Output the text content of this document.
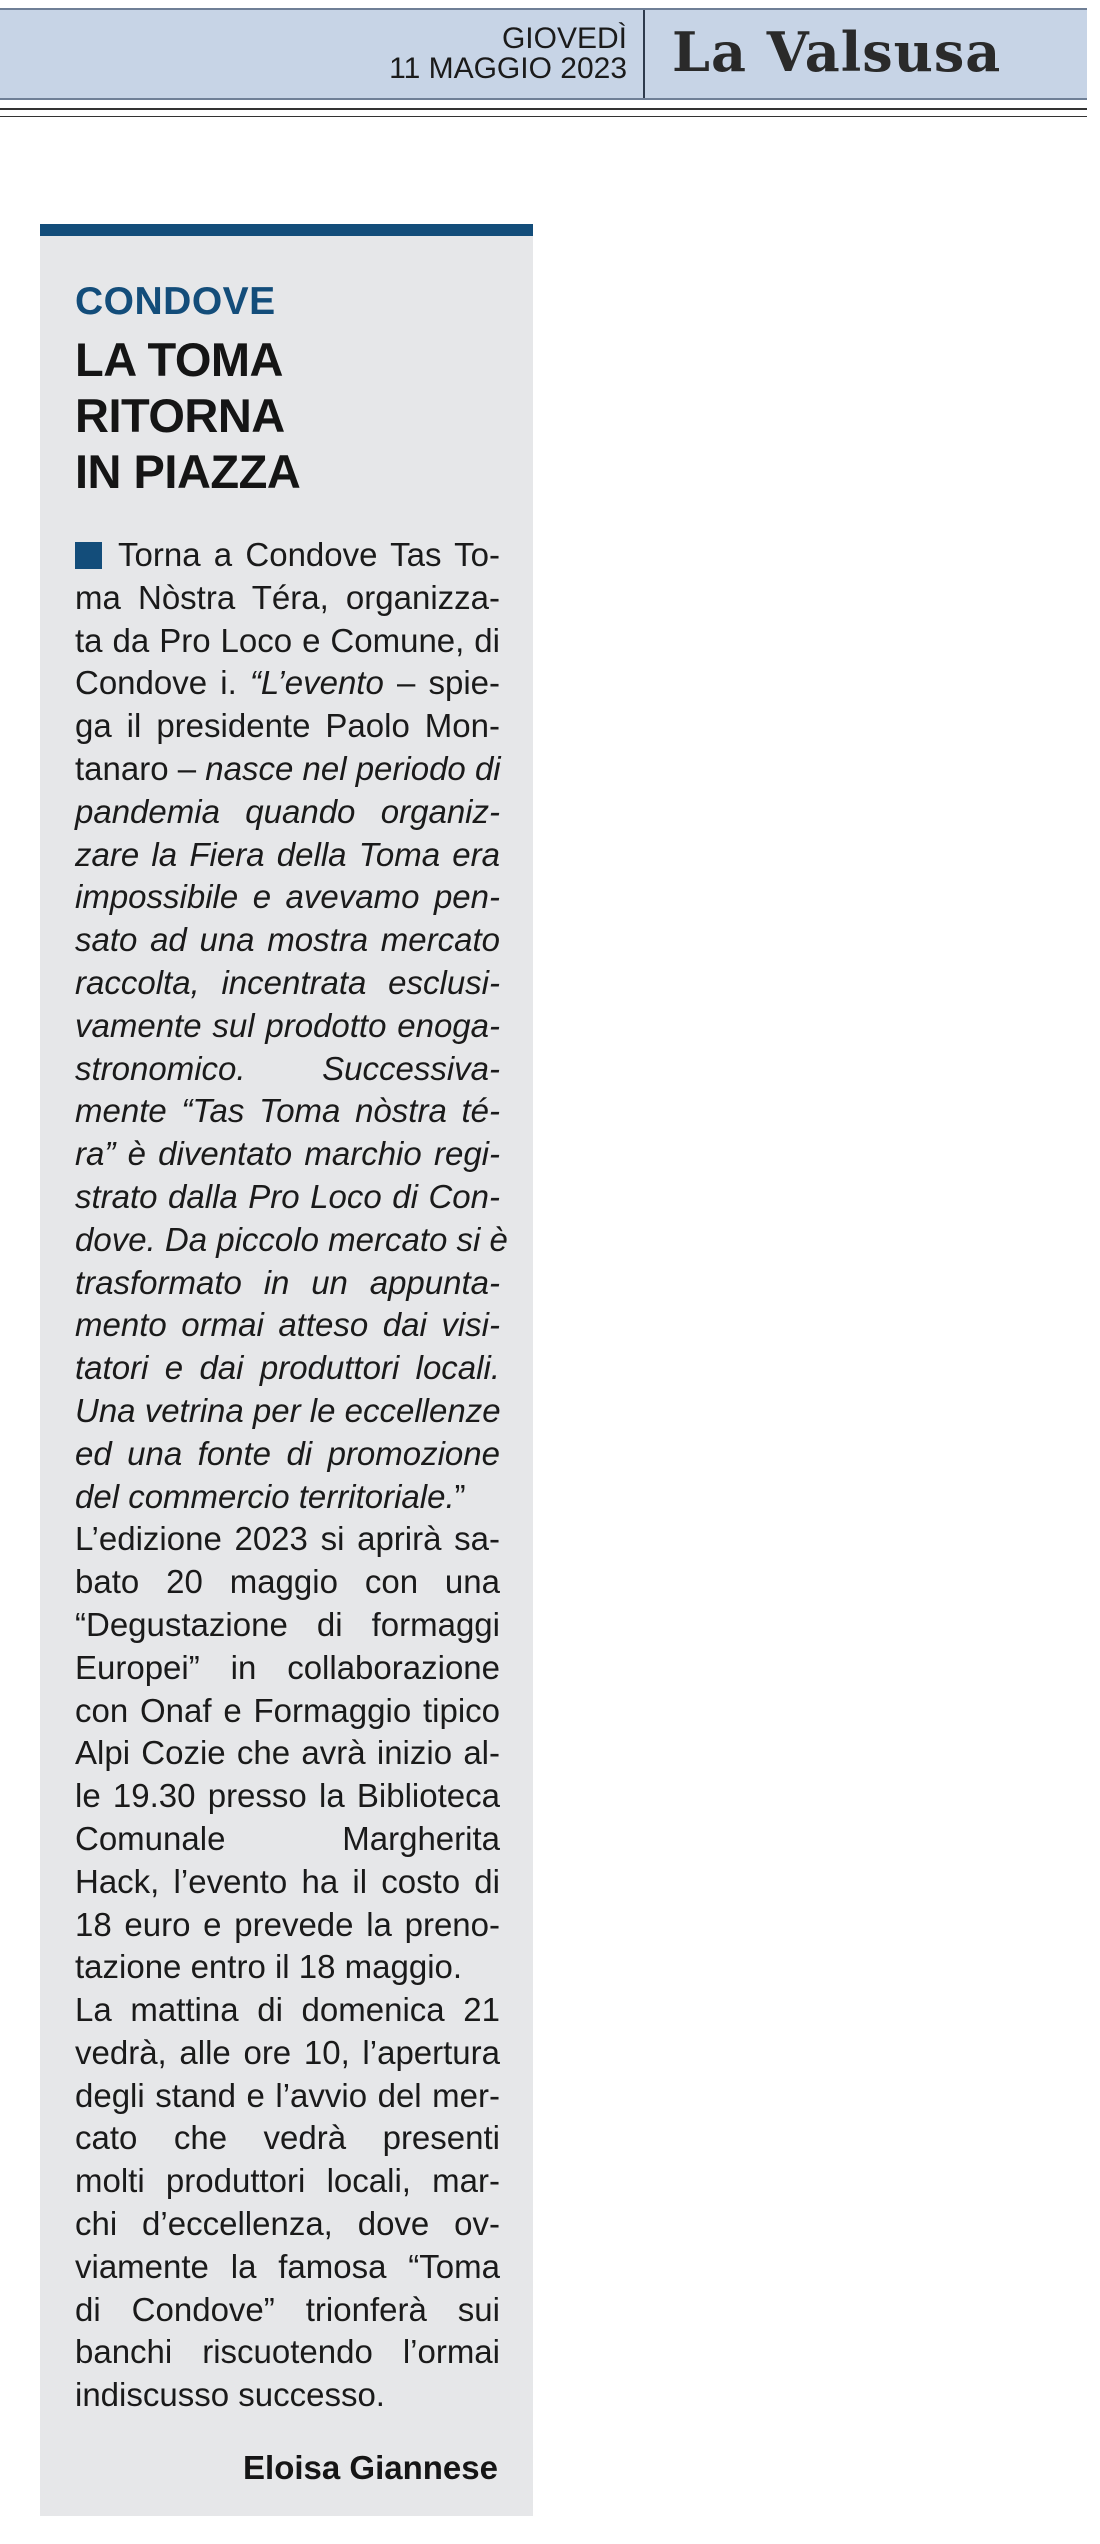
GIOVEDÌ
11 MAGGIO 2023 La Valsusa
CONDOVE
LA TOMA
RITORNA
IN PIAZZA
Torna a Condove Tas To-
ma Nòstra Téra, organizza-
ta da Pro Loco e Comune, di
Condove i. “L’evento – spie-
ga il presidente Paolo Mon-
tanaro – nasce nel periodo di
pandemia quando organiz-
zare la Fiera della Toma era
impossibile e avevamo pen-
sato ad una mostra mercato
raccolta, incentrata esclusi-
vamente sul prodotto enoga-
stronomico. Successiva-
mente “Tas Toma nòstra té-
ra” è diventato marchio regi-
strato dalla Pro Loco di Con-
dove. Da piccolo mercato si è
trasformato in un appunta-
mento ormai atteso dai visi-
tatori e dai produttori locali.
Una vetrina per le eccellenze
ed una fonte di promozione
del commercio territoriale.”
L’edizione 2023 si aprirà sa-
bato 20 maggio con una
“Degustazione di formaggi
Europei” in collaborazione
con Onaf e Formaggio tipico
Alpi Cozie che avrà inizio al-
le 19.30 presso la Biblioteca
Comunale Margherita
Hack, l’evento ha il costo di
18 euro e prevede la preno-
tazione entro il 18 maggio.
La mattina di domenica 21
vedrà, alle ore 10, l’apertura
degli stand e l’avvio del mer-
cato che vedrà presenti
molti produttori locali, mar-
chi d’eccellenza, dove ov-
viamente la famosa “Toma
di Condove” trionferà sui
banchi riscuotendo l’ormai
indiscusso successo.
Eloisa Giannese
